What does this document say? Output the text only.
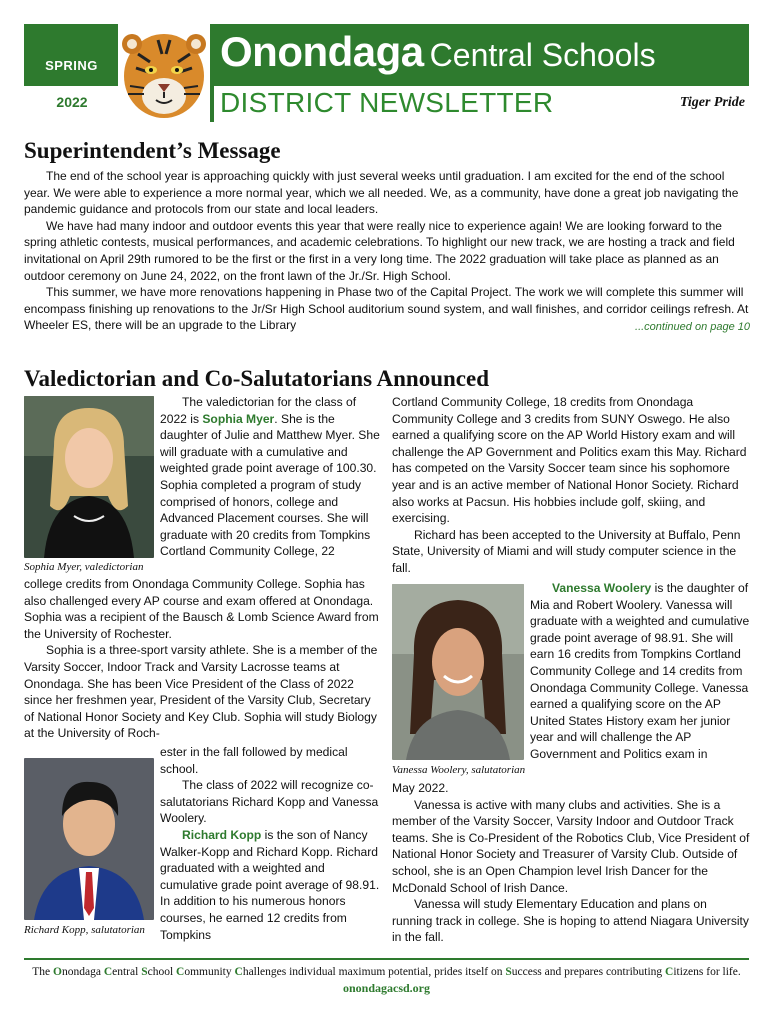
SPRING
2022
Onondaga Central Schools
DISTRICT NEWSLETTER	Tiger Pride
Superintendent’s Message

The end of the school year is approaching quickly with just several weeks until graduation. I am excited for the end of the school year. We were able to experience a more normal year, which we all needed. We, as a community, have done a great job navigating the pandemic guidance and protocols from our state and local leaders.

We have had many indoor and outdoor events this year that were really nice to experience again! We are looking forward to the spring athletic contests, musical performances, and academic celebrations. To highlight our new track, we are hosting a track and field invitational on April 29th rumored to be the first or the first in a very long time. The 2022 graduation will take place as planned as an outdoor ceremony on June 24, 2022, on the front lawn of the Jr./Sr. High School.

This summer, we have more renovations happening in Phase two of the Capital Project. The work we will complete this summer will encompass finishing up renovations to the Jr/Sr High School auditorium sound system, and wall finishes, and corridor ceilings refresh. At Wheeler ES, there will be an upgrade to the Library	...continued on page 10

Valedictorian and Co-Salutatorians Announced
Sophia Myer, valedictorian

The valedictorian for the class of 2022 is Sophia Myer. She is the daughter of Julie and Matthew Myer. She will graduate with a cumulative and weighted grade point average of 100.30. Sophia completed a program of study comprised of honors, college and Advanced Placement courses. She will graduate with 20 credits from Tompkins Cortland Community College, 22

college credits from Onondaga Community College. Sophia has also challenged every AP course and exam offered at Onondaga. Sophia was a recipient of the Bausch & Lomb Science Award from the University of Rochester.

Sophia is a three-sport varsity athlete. She is a member of the Varsity Soccer, Indoor Track and Varsity Lacrosse teams at Onondaga. She has been Vice President of the Class of 2022 since her freshmen year, President of the Varsity Club, Secretary of National Honor Society and Key Club. Sophia will study Biology at the University of Roch-

Richard Kopp, salutatorian

ester in the fall followed by medical school.

The class of 2022 will recognize co-salutatorians Richard Kopp and Vanessa Woolery.

Richard Kopp is the son of Nancy Walker-Kopp and Richard Kopp. Richard graduated with a weighted and cumulative grade point average of 98.91. In addition to his numerous honors courses, he earned 12 credits from Tompkins

Cortland Community College, 18 credits from Onondaga Community College and 3 credits from SUNY Oswego. He also earned a qualifying score on the AP World History exam and will challenge the AP Government and Politics exam this May. Richard has competed on the Varsity Soccer team since his sophomore year and is an active member of National Honor Society. Richard also works at Pacsun. His hobbies include golf, skiing, and exercising.

Richard has been accepted to the University at Buffalo, Penn State, University of Miami and will study computer science in the fall.

Vanessa Woolery, salutatorian

Vanessa Woolery is the daughter of Mia and Robert Woolery. Vanessa will graduate with a weighted and cumulative grade point average of 98.91. She will earn 16 credits from Tompkins Cortland Community College and 14 credits from Onondaga Community College. Vanessa earned a qualifying score on the AP United States History exam her junior year and will challenge the AP Government and Politics exam in

May 2022.

Vanessa is active with many clubs and activities. She is a member of the Varsity Soccer, Varsity Indoor and Outdoor Track teams. She is Co-President of the Robotics Club, Vice President of National Honor Society and Treasurer of Varsity Club. Outside of school, she is an Open Champion level Irish Dancer for the McDonald School of Irish Dance.

Vanessa will study Elementary Education and plans on running track in college. She is hoping to attend Niagara University in the fall.

The Onondaga Central School Community Challenges individual maximum potential, prides itself on Success and prepares contributing Citizens for life.
onondagacsd.org
